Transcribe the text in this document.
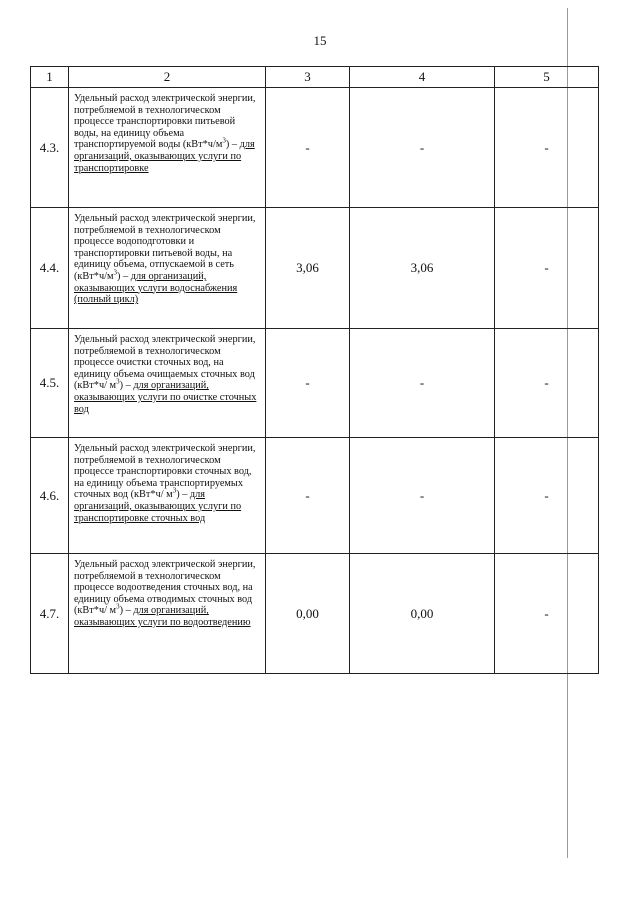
15
1	2	3	4	5
4.3.	Удельный расход электрической энергии, потребляемой в технологическом процессе транспортировки питьевой воды, на единицу объема транспортируемой воды $(кВт*ч/м^3)$ – для организаций, оказывающих услуги по транспортировке	-	-	-
4.4.	Удельный расход электрической энергии, потребляемой в технологическом процессе водоподготовки и транспортировки питьевой воды, на единицу объема, отпускаемой в сеть $(кВт*ч/м^3)$ – для организаций, оказывающих услуги водоснабжения (полный цикл)	3,06	3,06	-
4.5.	Удельный расход электрической энергии, потребляемой в технологическом процессе очистки сточных вод, на единицу объема очищаемых сточных вод (кВт*ч/ $м^3$) – для организаций, оказывающих услуги по очистке сточных вод	-	-	-
4.6.	Удельный расход электрической энергии, потребляемой в технологическом процессе транспортировки сточных вод, на единицу объема транспортируемых сточных вод (кВт*ч/ $м^3$) – для организаций, оказывающих услуги по транспортировке сточных вод	-	-	-
4.7.	Удельный расход электрической энергии, потребляемой в технологическом процессе водоотведения сточных вод, на единицу объема отводимых сточных вод (кВт*ч/ $м^3$) – для организаций, оказывающих услуги по водоотведению	0,00	0,00	-
